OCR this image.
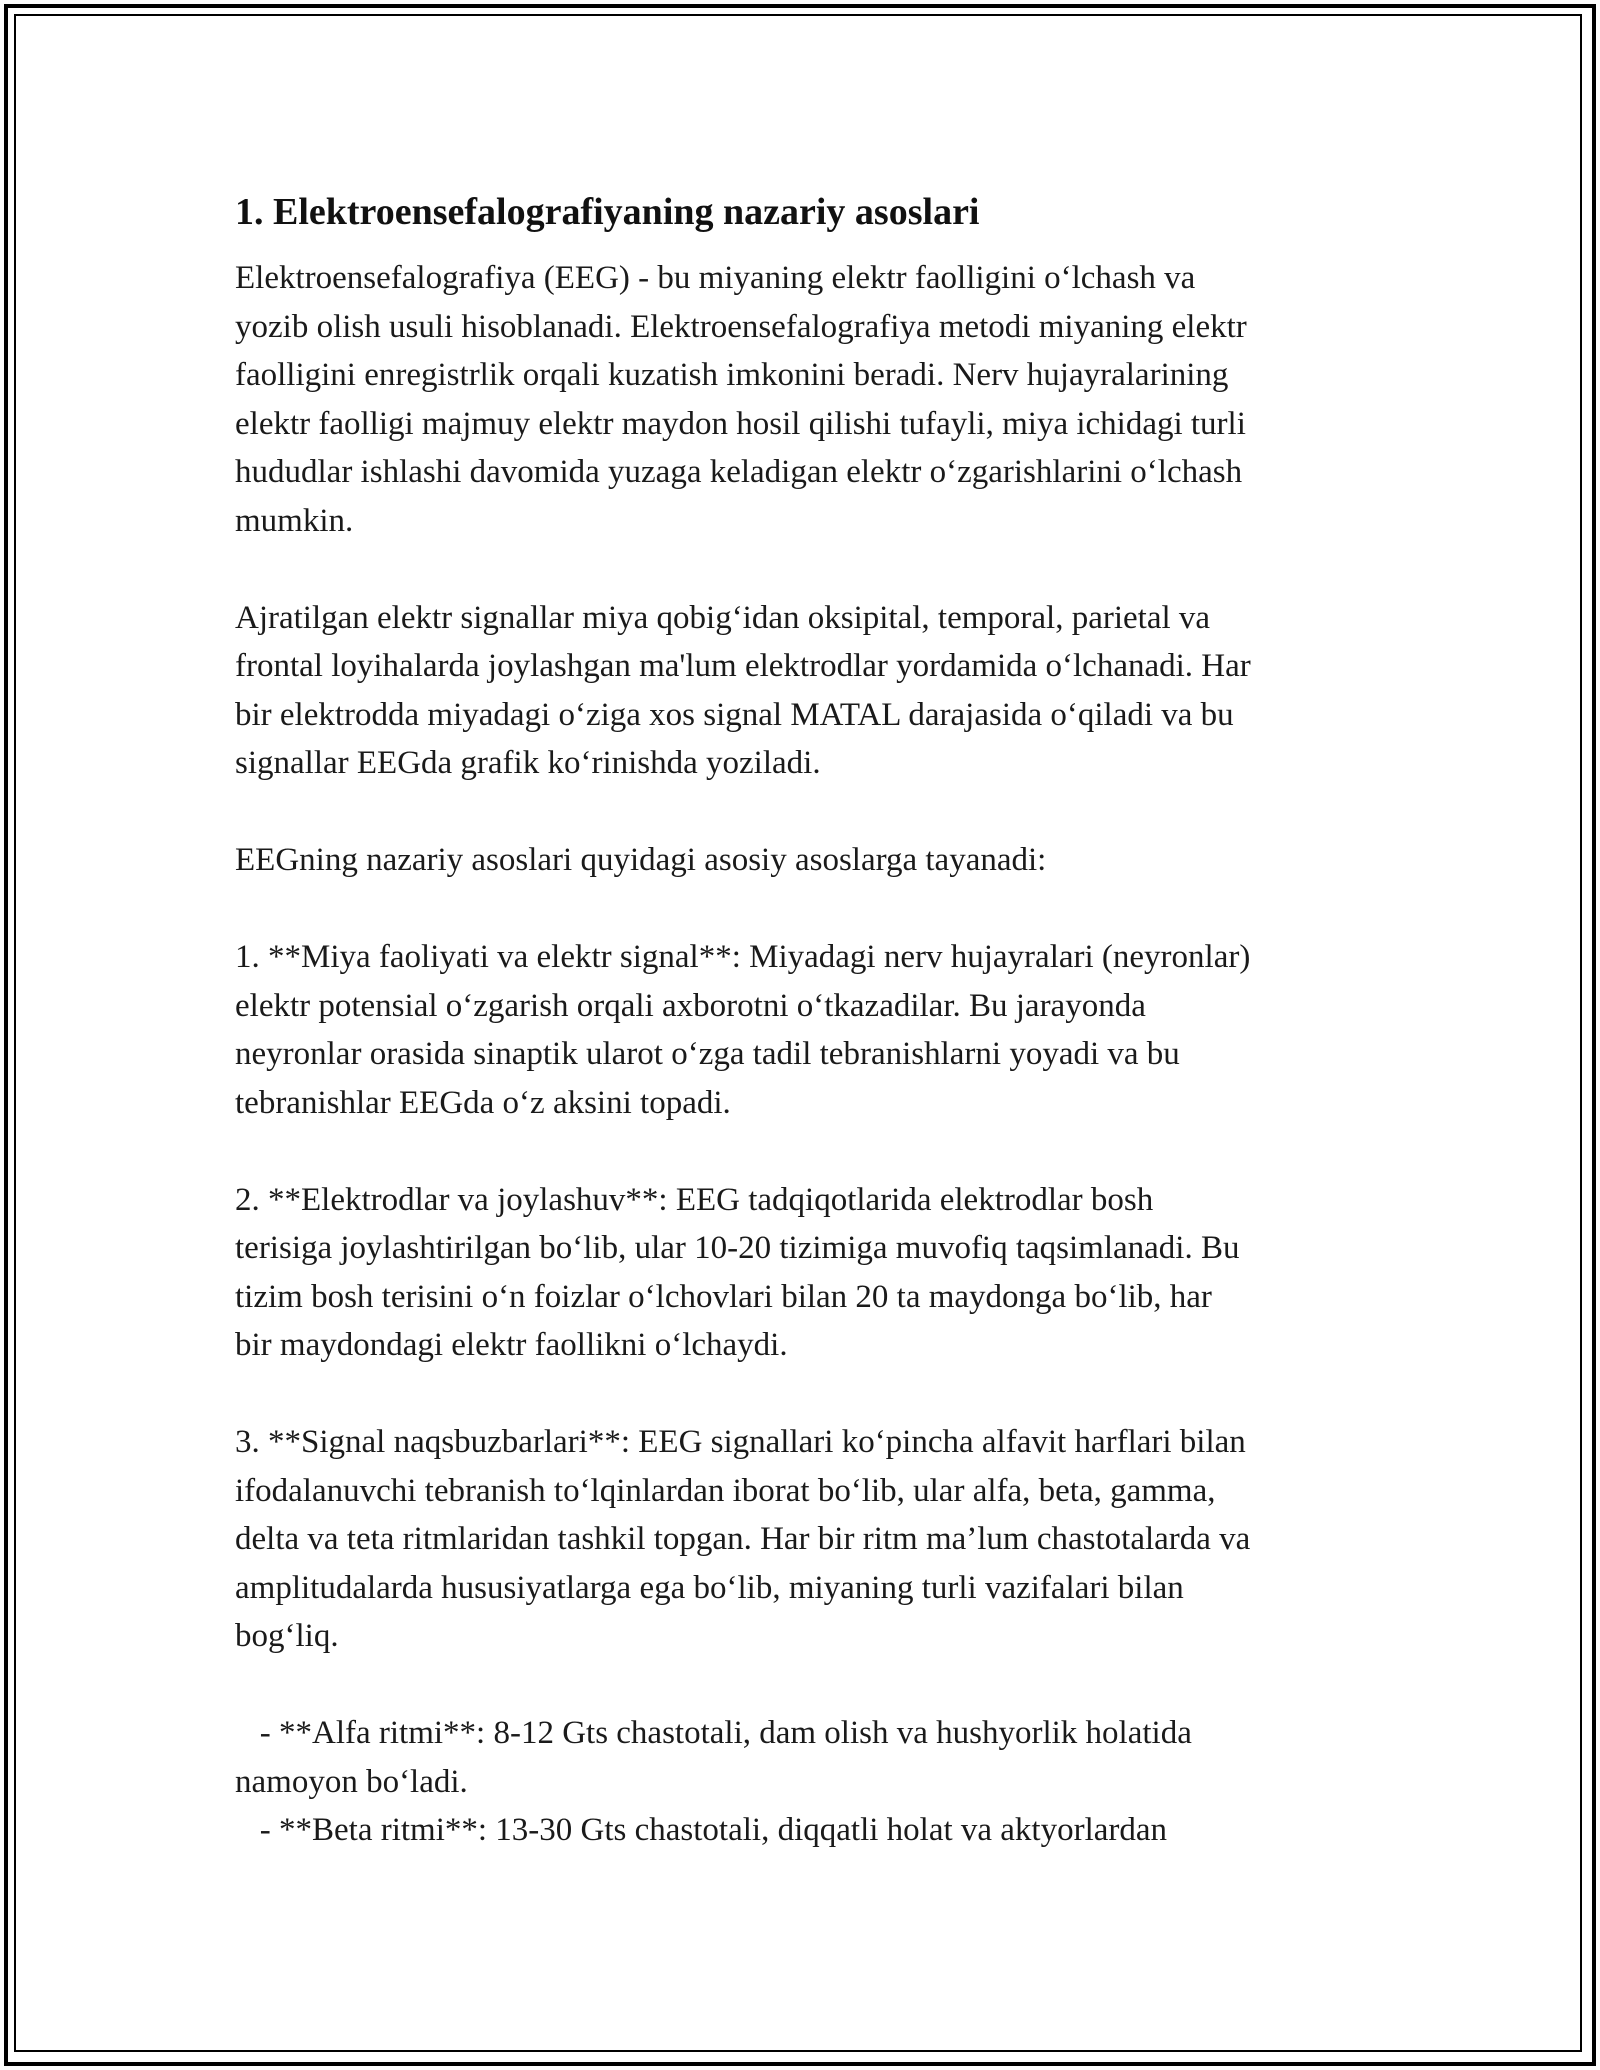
1. Elektroensefalografiyaning nazariy asoslari

Elektroensefalografiya (EEG) - bu miyaning elektr faolligini o‘lchash va
yozib olish usuli hisoblanadi. Elektroensefalografiya metodi miyaning elektr
faolligini enregistrlik orqali kuzatish imkonini beradi. Nerv hujayralarining
elektr faolligi majmuy elektr maydon hosil qilishi tufayli, miya ichidagi turli
hududlar ishlashi davomida yuzaga keladigan elektr o‘zgarishlarini o‘lchash
mumkin.

Ajratilgan elektr signallar miya qobig‘idan oksipital, temporal, parietal va
frontal loyihalarda joylashgan ma'lum elektrodlar yordamida o‘lchanadi. Har
bir elektrodda miyadagi o‘ziga xos signal MATAL darajasida o‘qiladi va bu
signallar EEGda grafik ko‘rinishda yoziladi.

EEGning nazariy asoslari quyidagi asosiy asoslarga tayanadi:

1. **Miya faoliyati va elektr signal**: Miyadagi nerv hujayralari (neyronlar)
elektr potensial o‘zgarish orqali axborotni o‘tkazadilar. Bu jarayonda
neyronlar orasida sinaptik ularot o‘zga tadil tebranishlarni yoyadi va bu
tebranishlar EEGda o‘z aksini topadi.

2. **Elektrodlar va joylashuv**: EEG tadqiqotlarida elektrodlar bosh
terisiga joylashtirilgan bo‘lib, ular 10-20 tizimiga muvofiq taqsimlanadi. Bu
tizim bosh terisini o‘n foizlar o‘lchovlari bilan 20 ta maydonga bo‘lib, har
bir maydondagi elektr faollikni o‘lchaydi.

3. **Signal naqsbuzbarlari**: EEG signallari ko‘pincha alfavit harflari bilan
ifodalanuvchi tebranish to‘lqinlardan iborat bo‘lib, ular alfa, beta, gamma,
delta va teta ritmlaridan tashkil topgan. Har bir ritm ma’lum chastotalarda va
amplitudalarda hususiyatlarga ega bo‘lib, miyaning turli vazifalari bilan
bog‘liq.

- **Alfa ritmi**: 8-12 Gts chastotali, dam olish va hushyorlik holatida
namoyon bo‘ladi.
- **Beta ritmi**: 13-30 Gts chastotali, diqqatli holat va aktyorlardan
